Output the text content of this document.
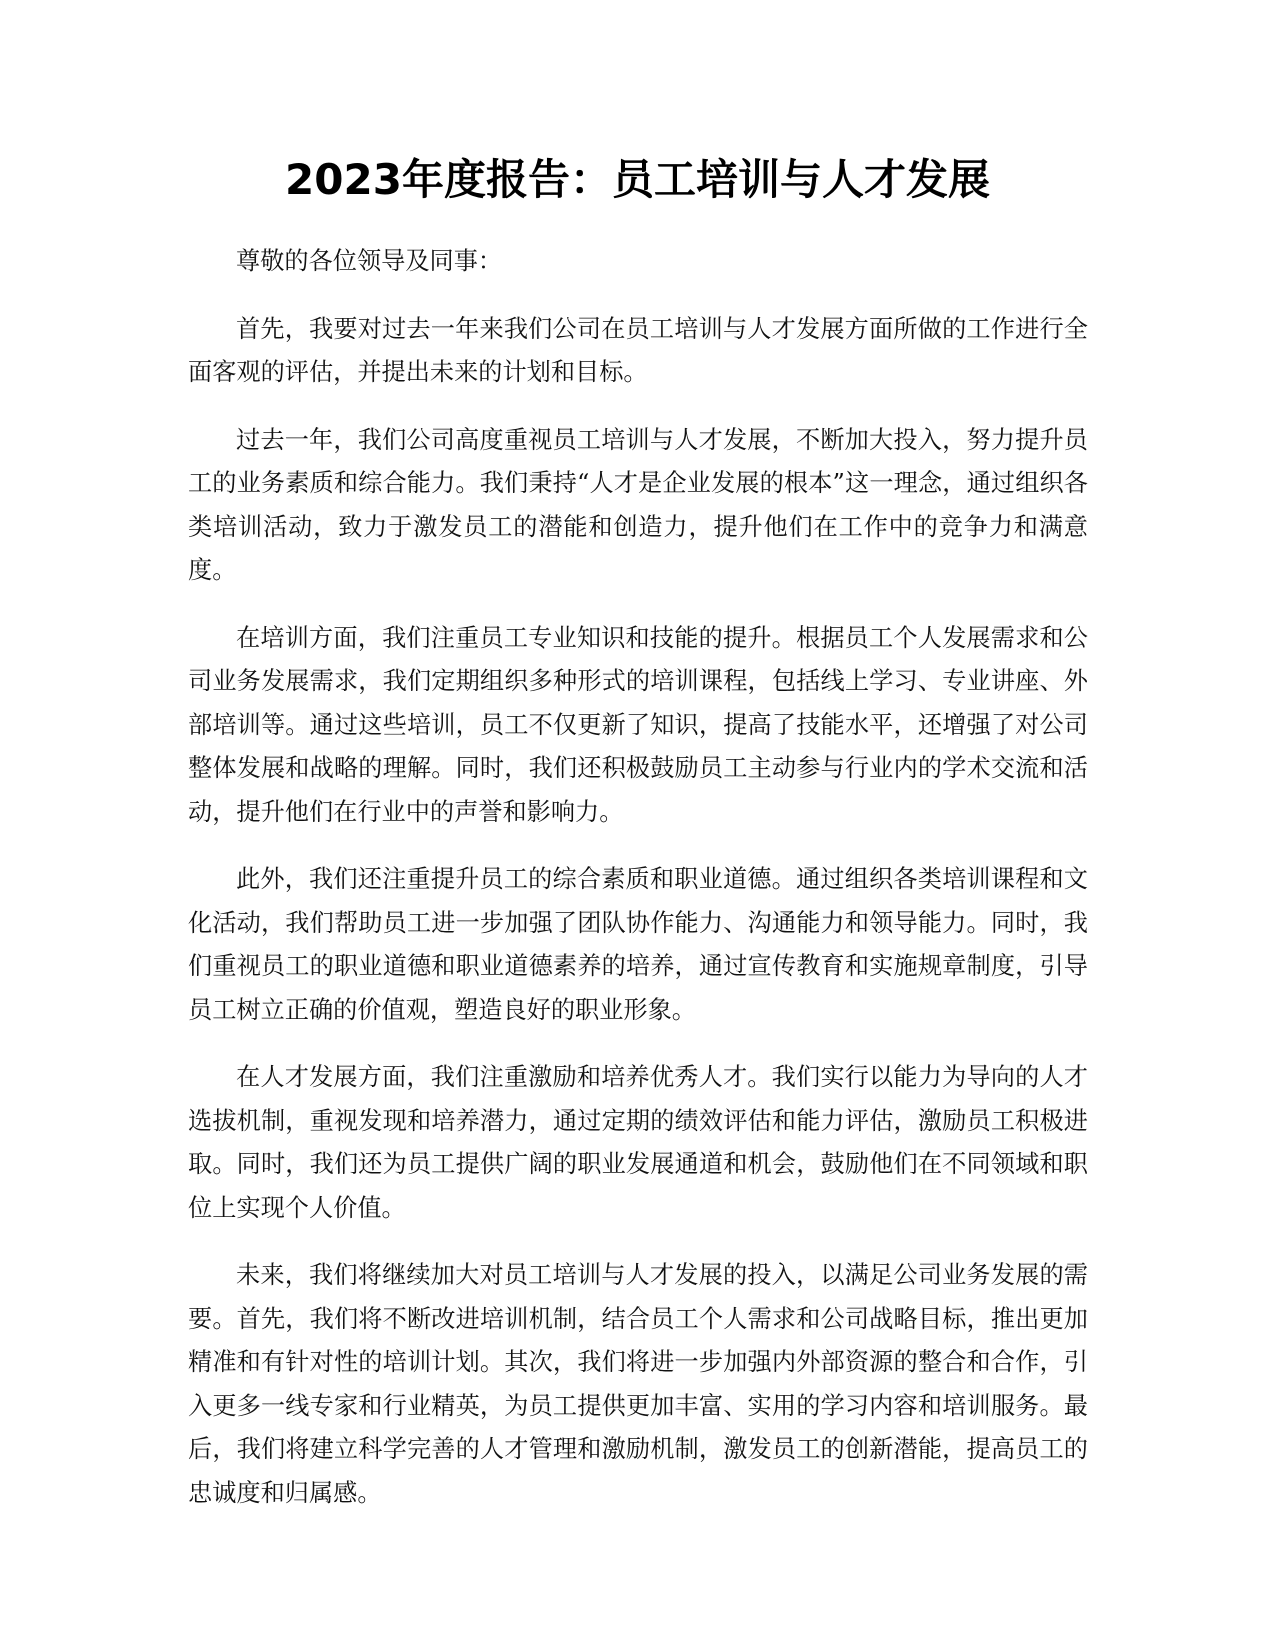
2023年度报告：员工培训与人才发展

尊敬的各位领导及同事：

首先，我要对过去一年来我们公司在员工培训与人才发展方面所做的工作进行全面客观的评估，并提出未来的计划和目标。

过去一年，我们公司高度重视员工培训与人才发展，不断加大投入，努力提升员工的业务素质和综合能力。我们秉持“人才是企业发展的根本”这一理念，通过组织各类培训活动，致力于激发员工的潜能和创造力，提升他们在工作中的竞争力和满意度。

在培训方面，我们注重员工专业知识和技能的提升。根据员工个人发展需求和公司业务发展需求，我们定期组织多种形式的培训课程，包括线上学习、专业讲座、外部培训等。通过这些培训，员工不仅更新了知识，提高了技能水平，还增强了对公司整体发展和战略的理解。同时，我们还积极鼓励员工主动参与行业内的学术交流和活动，提升他们在行业中的声誉和影响力。

此外，我们还注重提升员工的综合素质和职业道德。通过组织各类培训课程和文化活动，我们帮助员工进一步加强了团队协作能力、沟通能力和领导能力。同时，我们重视员工的职业道德和职业道德素养的培养，通过宣传教育和实施规章制度，引导员工树立正确的价值观，塑造良好的职业形象。

在人才发展方面，我们注重激励和培养优秀人才。我们实行以能力为导向的人才选拔机制，重视发现和培养潜力，通过定期的绩效评估和能力评估，激励员工积极进取。同时，我们还为员工提供广阔的职业发展通道和机会，鼓励他们在不同领域和职位上实现个人价值。

未来，我们将继续加大对员工培训与人才发展的投入，以满足公司业务发展的需要。首先，我们将不断改进培训机制，结合员工个人需求和公司战略目标，推出更加精准和有针对性的培训计划。其次，我们将进一步加强内外部资源的整合和合作，引入更多一线专家和行业精英，为员工提供更加丰富、实用的学习内容和培训服务。最后，我们将建立科学完善的人才管理和激励机制，激发员工的创新潜能，提高员工的忠诚度和归属感。
